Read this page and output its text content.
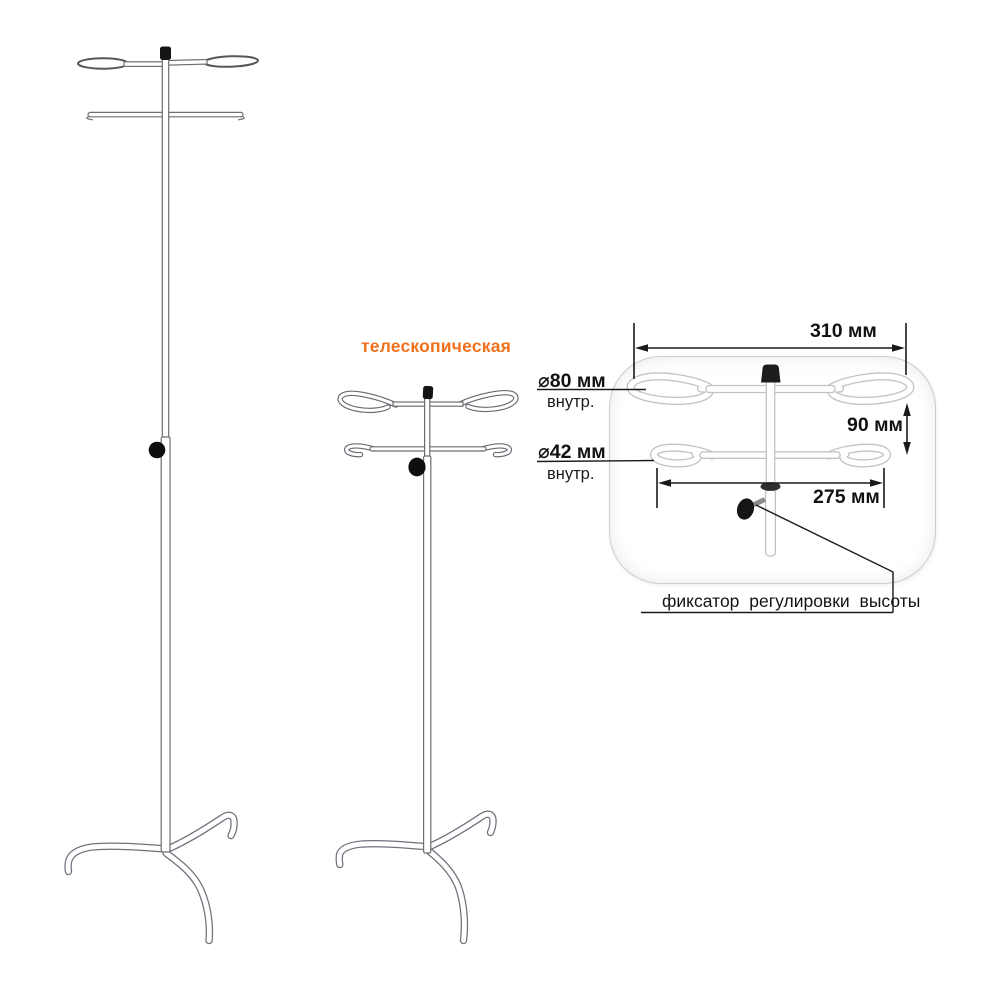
телескопическая
310 мм
⌀80 мм
внутр.
90 мм
⌀42 мм
внутр.
275 мм
фиксатор регулировки высоты
